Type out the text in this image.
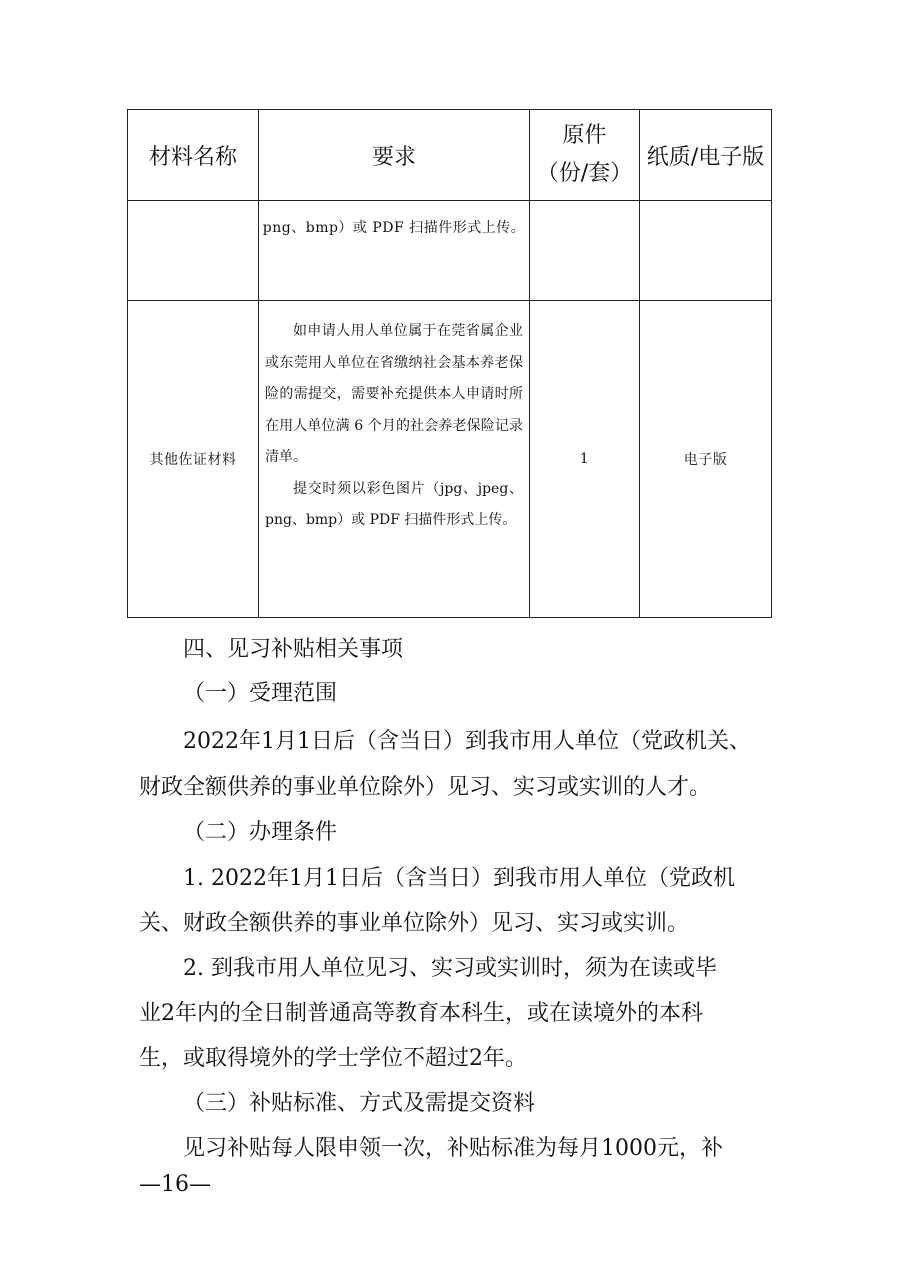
材料名称	要求
原件
（份/套）
纸质/电子版
png、bmp）或 PDF 扫描件形式上传。
其他佐证材料
如申请人用人单位属于在莞省属企业或东莞用人单位在省缴纳社会基本养老保险的需提交，需要补充提供本人申请时所在用人单位满 6 个月的社会养老保险记录清单。
提交时须以彩色图片（jpg、jpeg、png、bmp）或 PDF 扫描件形式上传。
1	电子版
四、见习补贴相关事项
（一）受理范围
2022年1月1日后（含当日）到我市用人单位（党政机关、
财政全额供养的事业单位除外）见习、实习或实训的人才。
（二）办理条件
1. 2022年1月1日后（含当日）到我市用人单位（党政机
关、财政全额供养的事业单位除外）见习、实习或实训。
2. 到我市用人单位见习、实习或实训时，须为在读或毕
业2年内的全日制普通高等教育本科生，或在读境外的本科
生，或取得境外的学士学位不超过2年。
（三）补贴标准、方式及需提交资料
见习补贴每人限申领一次，补贴标准为每月1000元，补
—16—
